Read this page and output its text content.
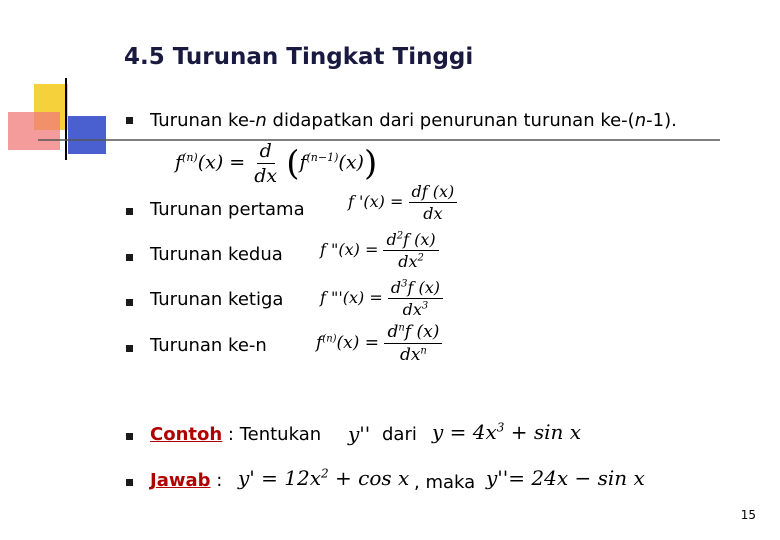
4.5 Turunan Tingkat Tinggi
Turunan ke-n didapatkan dari penurunan turunan ke-(n-1).
$f^{(n)}(x) = \frac{d}{dx} (f^{(n-1)}(x))$
Turunan pertama	f '$(x) = \frac{df (x)}{dx}$
Turunan kedua f "$(x) = \frac{d^2f (x)}{dx^2}$
Turunan ketiga f "'$(x) = \frac{d^3f (x)}{dx^3}$
Turunan ke-n	$f^{(n)}(x) = \frac{d^nf (x)}{dx^n}$
Contoh : Tentukan y'' dari $y = 4x^3 + \sin x$
Jawab : $y' = 12x^2 + \cos x$ , maka y''= 24x − sin x
15
